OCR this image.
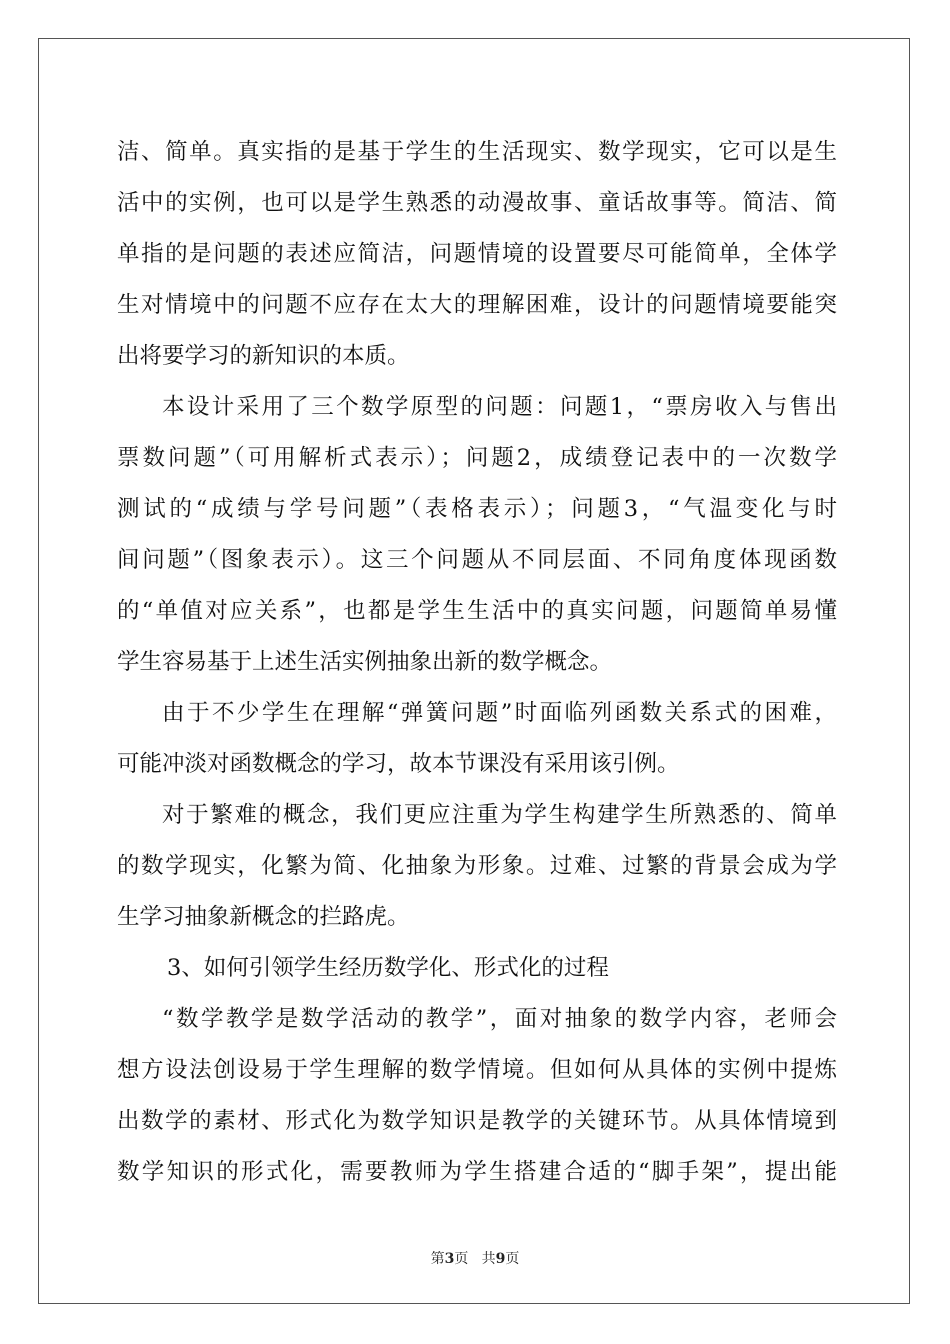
洁、简单。真实指的是基于学生的生活现实、数学现实，它可以是生
活中的实例，也可以是学生熟悉的动漫故事、童话故事等。简洁、简
单指的是问题的表述应简洁，问题情境的设置要尽可能简单，全体学
生对情境中的问题不应存在太大的理解困难，设计的问题情境要能突
出将要学习的新知识的本质。
本设计采用了三个数学原型的问题：问题1，“票房收入与售出
票数问题”（可用解析式表示）；问题2，成绩登记表中的一次数学
测试的“成绩与学号问题”（表格表示）；问题3，“气温变化与时
间问题”（图象表示）。这三个问题从不同层面、不同角度体现函数
的“单值对应关系”，也都是学生生活中的真实问题，问题简单易懂
学生容易基于上述生活实例抽象出新的数学概念。
由于不少学生在理解“弹簧问题”时面临列函数关系式的困难，
可能冲淡对函数概念的学习，故本节课没有采用该引例。
对于繁难的概念，我们更应注重为学生构建学生所熟悉的、简单
的数学现实，化繁为简、化抽象为形象。过难、过繁的背景会成为学
生学习抽象新概念的拦路虎。
3、如何引领学生经历数学化、形式化的过程
“数学教学是数学活动的教学”，面对抽象的数学内容，老师会
想方设法创设易于学生理解的数学情境。但如何从具体的实例中提炼
出数学的素材、形式化为数学知识是教学的关键环节。从具体情境到
数学知识的形式化，需要教师为学生搭建合适的“脚手架”，提出能
第3页 共9页
